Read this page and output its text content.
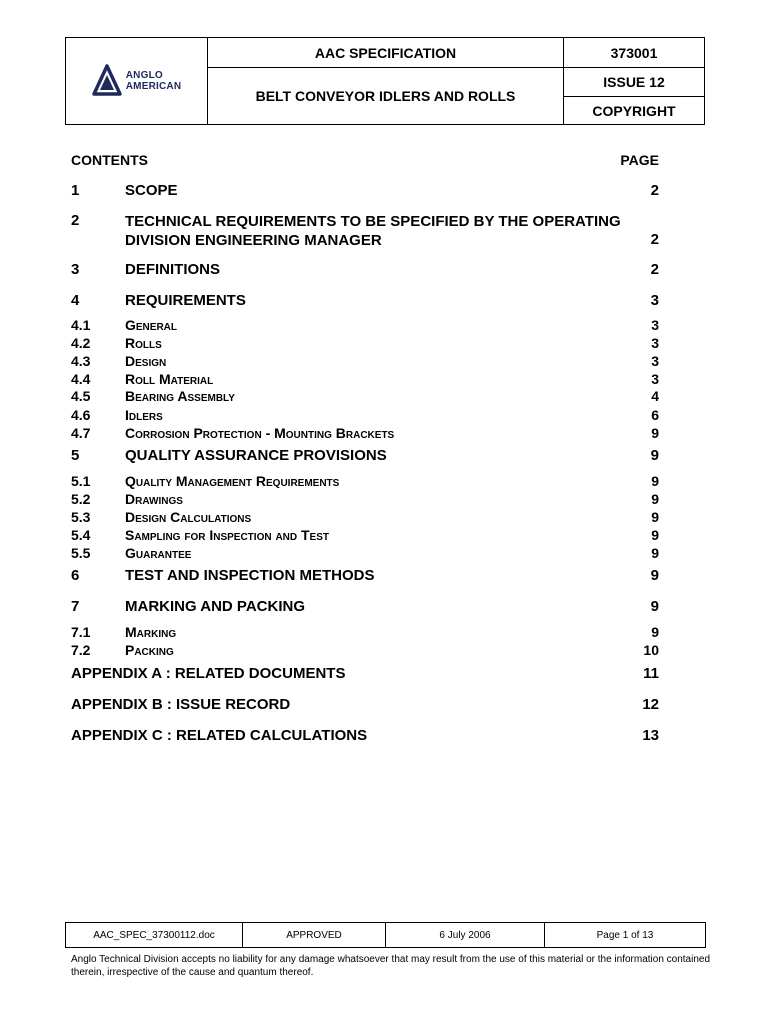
ANGLO
AMERICAN
AAC SPECIFICATION	373001
BELT CONVEYOR IDLERS AND ROLLS
ISSUE 12
COPYRIGHT
CONTENTS	PAGE
1	SCOPE	2
2	TECHNICAL REQUIREMENTS TO BE SPECIFIED BY THE OPERATING DIVISION ENGINEERING MANAGER	2
3	DEFINITIONS	2
4	REQUIREMENTS	3
4.1 General	3
4.2 Rolls	3
4.3 Design	3
4.4 Roll Material	3
4.5 Bearing Assembly	4
4.6 Idlers	6
4.7 Corrosion Protection - Mounting Brackets	9
5	QUALITY ASSURANCE PROVISIONS	9
5.1 Quality Management Requirements	9
5.2 Drawings	9
5.3 Design Calculations	9
5.4 Sampling for Inspection and Test	9
5.5 Guarantee	9
6	TEST AND INSPECTION METHODS	9
7	MARKING AND PACKING	9
7.1 Marking	9
7.2 Packing	10
APPENDIX A : RELATED DOCUMENTS	11
APPENDIX B : ISSUE RECORD	12
APPENDIX C : RELATED CALCULATIONS	13
AAC_SPEC_37300112.doc	APPROVED	6 July 2006	Page 1 of 13
Anglo Technical Division accepts no liability for any damage whatsoever that may result from the use of this material or the information contained therein, irrespective of the cause and quantum thereof.
